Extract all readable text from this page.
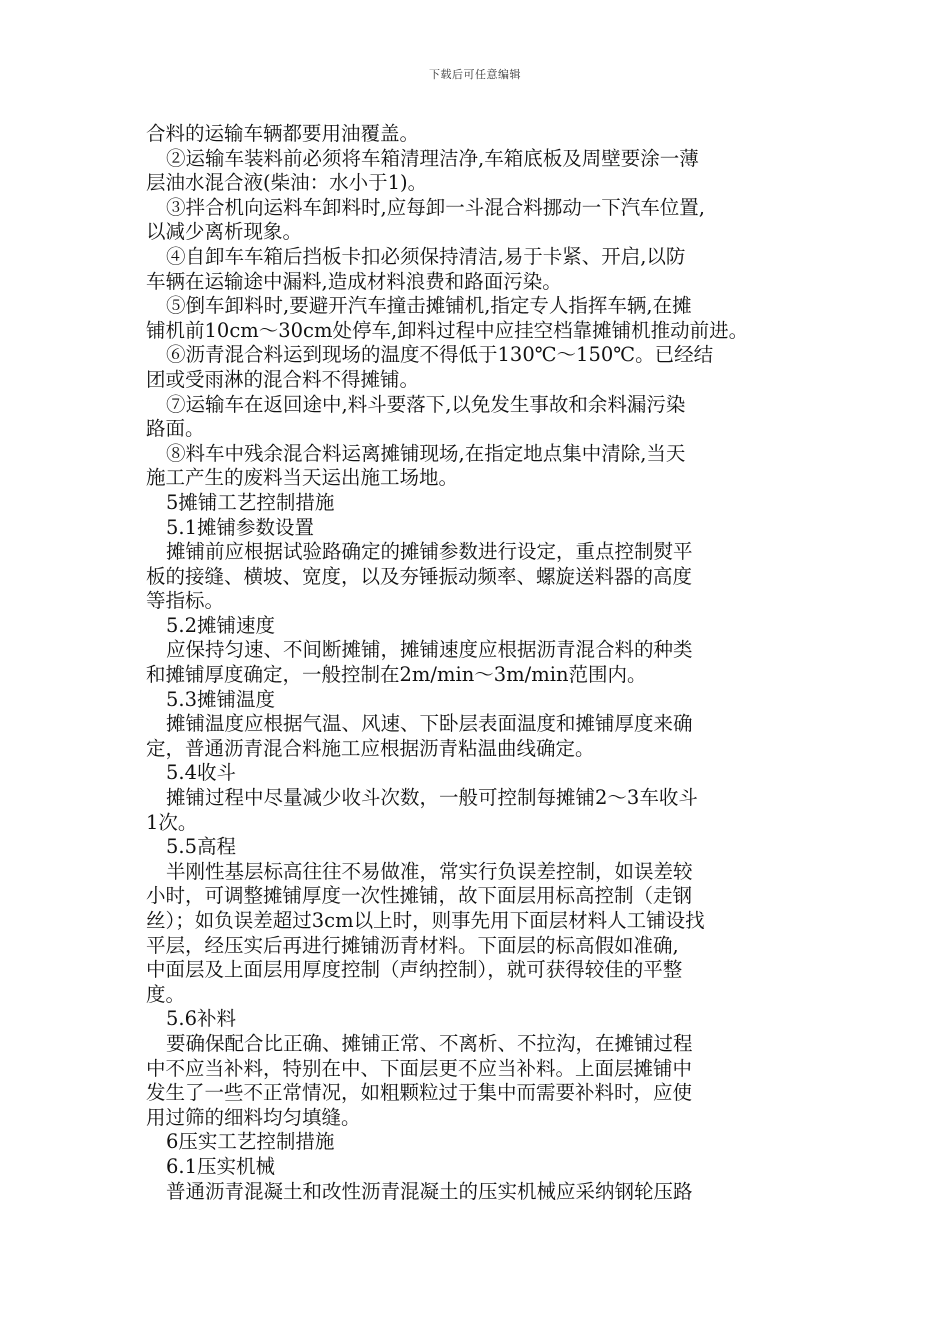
下载后可任意编辑
合料的运输车辆都要用油覆盖。
②运输车装料前必须将车箱清理洁净,车箱底板及周壁要涂一薄
层油水混合液(柴油：水小于1)。
③拌合机向运料车卸料时,应每卸一斗混合料挪动一下汽车位置,
以减少离析现象。
④自卸车车箱后挡板卡扣必须保持清洁,易于卡紧、开启,以防
车辆在运输途中漏料,造成材料浪费和路面污染。
⑤倒车卸料时,要避开汽车撞击摊铺机,指定专人指挥车辆,在摊
铺机前10cm～30cm处停车,卸料过程中应挂空档靠摊铺机推动前进。
⑥沥青混合料运到现场的温度不得低于130℃～150℃。已经结
团或受雨淋的混合料不得摊铺。
⑦运输车在返回途中,料斗要落下,以免发生事故和余料漏污染
路面。
⑧料车中残余混合料运离摊铺现场,在指定地点集中清除,当天
施工产生的废料当天运出施工场地。
5摊铺工艺控制措施
5.1摊铺参数设置
摊铺前应根据试验路确定的摊铺参数进行设定，重点控制熨平
板的接缝、横坡、宽度，以及夯锤振动频率、螺旋送料器的高度
等指标。
5.2摊铺速度
应保持匀速、不间断摊铺，摊铺速度应根据沥青混合料的种类
和摊铺厚度确定，一般控制在2m/min～3m/min范围内。
5.3摊铺温度
摊铺温度应根据气温、风速、下卧层表面温度和摊铺厚度来确
定，普通沥青混合料施工应根据沥青粘温曲线确定。
5.4收斗
摊铺过程中尽量减少收斗次数，一般可控制每摊铺2～3车收斗
1次。
5.5高程
半刚性基层标高往往不易做准，常实行负误差控制，如误差较
小时，可调整摊铺厚度一次性摊铺，故下面层用标高控制（走钢
丝）；如负误差超过3cm以上时，则事先用下面层材料人工铺设找
平层，经压实后再进行摊铺沥青材料。下面层的标高假如准确,
中面层及上面层用厚度控制（声纳控制），就可获得较佳的平整
度。
5.6补料
要确保配合比正确、摊铺正常、不离析、不拉沟，在摊铺过程
中不应当补料，特别在中、下面层更不应当补料。上面层摊铺中
发生了一些不正常情况，如粗颗粒过于集中而需要补料时，应使
用过筛的细料均匀填缝。
6压实工艺控制措施
6.1压实机械
普通沥青混凝土和改性沥青混凝土的压实机械应采纳钢轮压路
